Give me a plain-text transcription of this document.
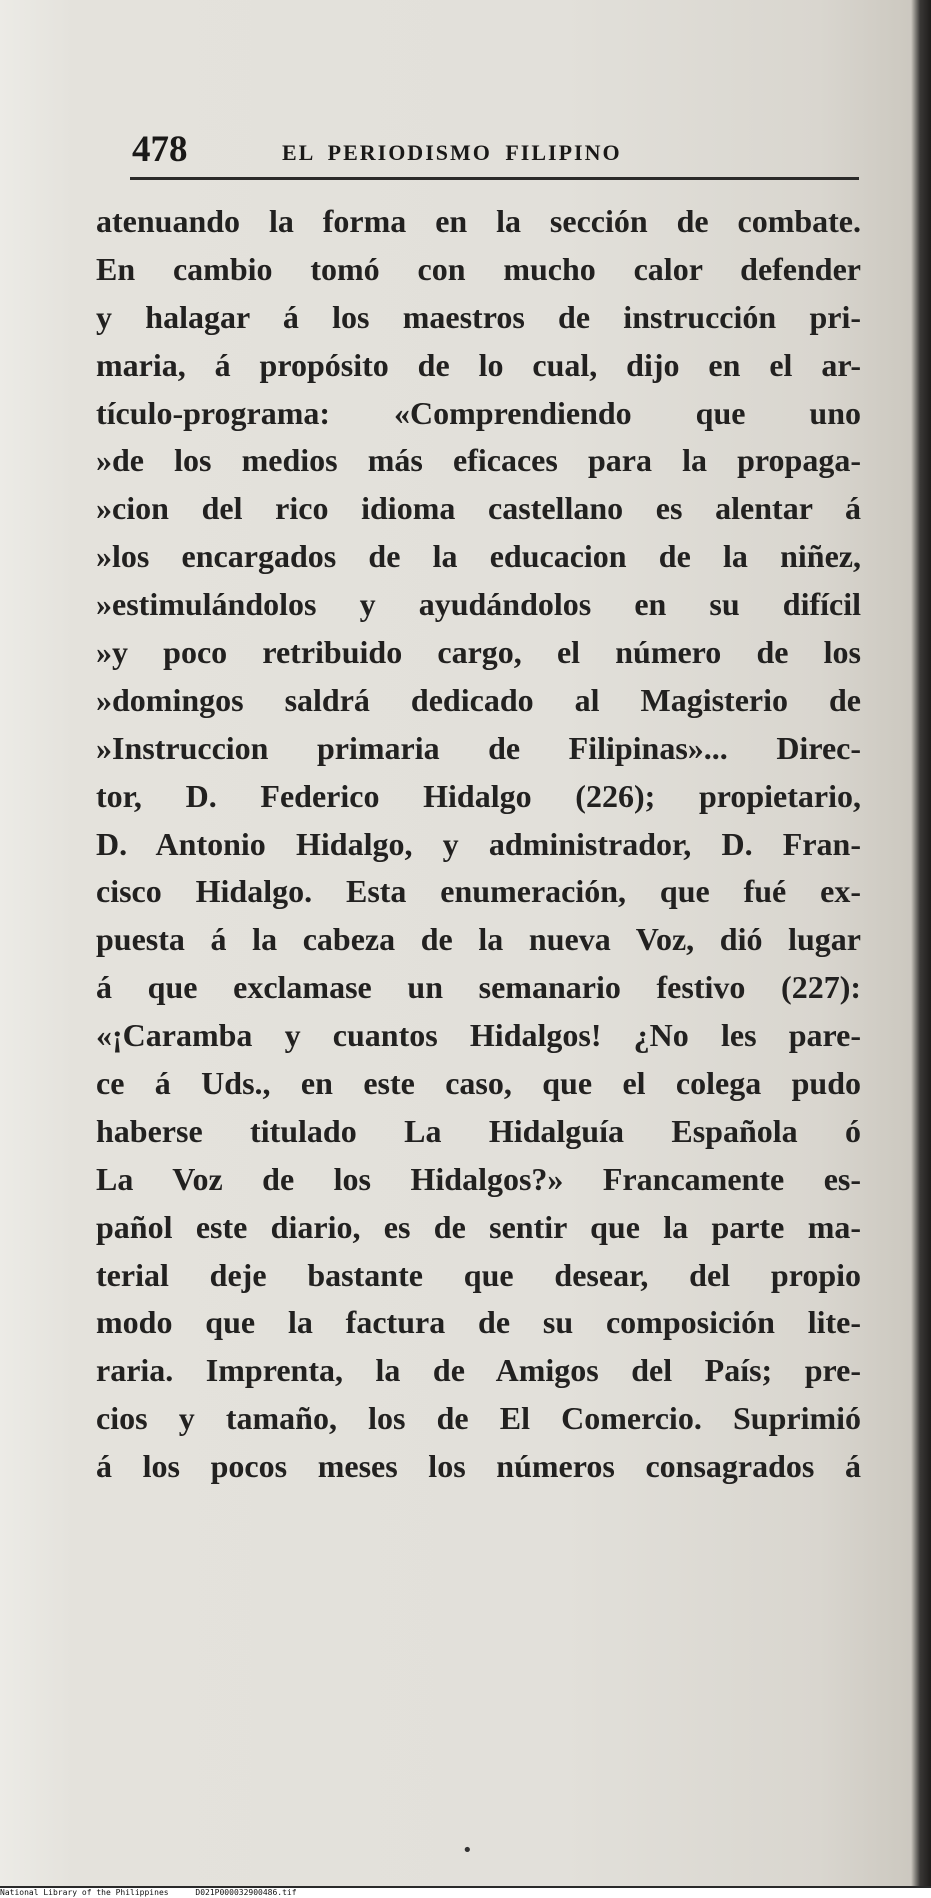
478	EL PERIODISMO FILIPINO
atenuando la forma en la sección de combate.
En cambio tomó con mucho calor defender
y halagar á los maestros de instrucción pri-
maria, á propósito de lo cual, dijo en el ar-
tículo-programa: «Comprendiendo que uno
»de los medios más eficaces para la propaga-
»cion del rico idioma castellano es alentar á
»los encargados de la educacion de la niñez,
»estimulándolos y ayudándolos en su difícil
»y poco retribuido cargo, el número de los
»domingos saldrá dedicado al Magisterio de
»Instruccion primaria de Filipinas»... Direc-
tor, D. Federico Hidalgo (226); propietario,
D. Antonio Hidalgo, y administrador, D. Fran-
cisco Hidalgo. Esta enumeración, que fué ex-
puesta á la cabeza de la nueva Voz, dió lugar
á que exclamase un semanario festivo (227):
«¡Caramba y cuantos Hidalgos! ¿No les pare-
ce á Uds., en este caso, que el colega pudo
haberse titulado La Hidalguía Española ó
La Voz de los Hidalgos?» Francamente es-
pañol este diario, es de sentir que la parte ma-
terial deje bastante que desear, del propio
modo que la factura de su composición lite-
raria. Imprenta, la de Amigos del País; pre-
cios y tamaño, los de El Comercio. Suprimió
á los pocos meses los números consagrados á
•
National Library of the Philippines	D021P000032900486.tif
